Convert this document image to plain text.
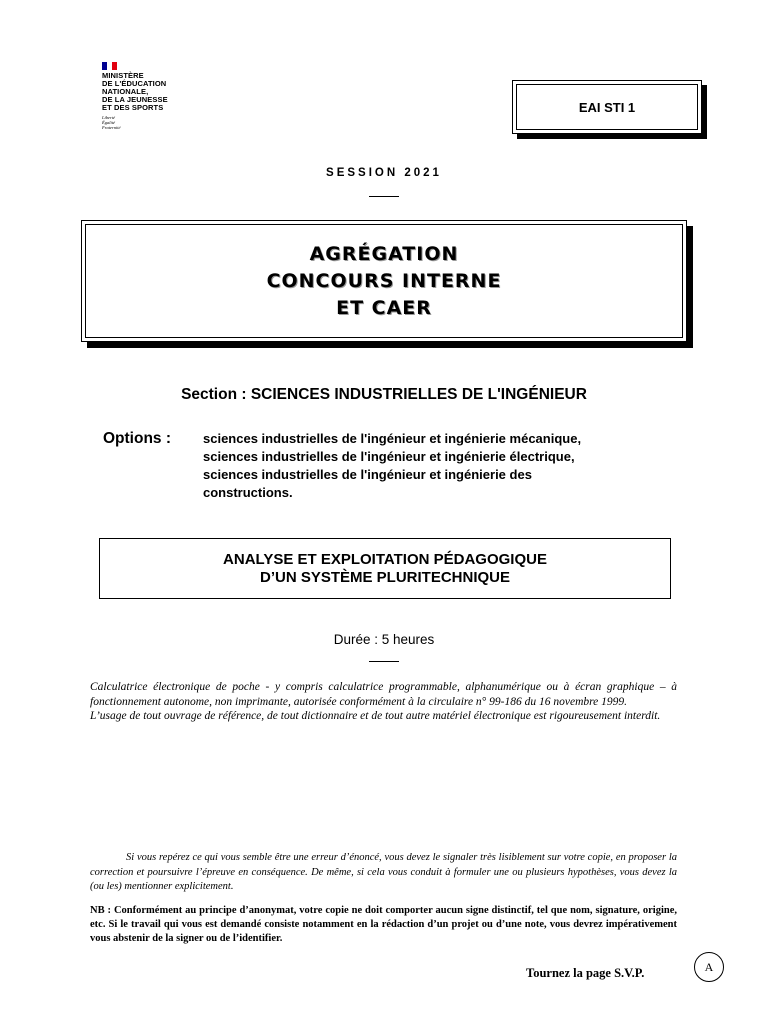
MINISTÈRE
DE L'ÉDUCATION
NATIONALE,
DE LA JEUNESSE
ET DES SPORTS
Liberté
Égalité
Fraternité
EAI STI 1
SESSION 2021
AGRÉGATION
CONCOURS INTERNE
ET CAER
Section : SCIENCES INDUSTRIELLES DE L'INGÉNIEUR
Options : sciences industrielles de l'ingénieur et ingénierie mécanique,
sciences industrielles de l'ingénieur et ingénierie électrique,
sciences industrielles de l'ingénieur et ingénierie des
constructions.
ANALYSE ET EXPLOITATION PÉDAGOGIQUE
D’UN SYSTÈME PLURITECHNIQUE
Durée : 5 heures

Calculatrice électronique de poche - y compris calculatrice programmable, alphanumérique ou à écran graphique – à fonctionnement autonome, non imprimante, autorisée conformément à la circulaire n° 99-186 du 16 novembre 1999.

L’usage de tout ouvrage de référence, de tout dictionnaire et de tout autre matériel électronique est rigoureusement interdit.

Si vous repérez ce qui vous semble être une erreur d’énoncé, vous devez le signaler très lisiblement sur votre copie, en proposer la correction et poursuivre l’épreuve en conséquence. De même, si cela vous conduit à formuler une ou plusieurs hypothèses, vous devez la (ou les) mentionner explicitement.

NB : Conformément au principe d’anonymat, votre copie ne doit comporter aucun signe distinctif, tel que nom, signature, origine, etc. Si le travail qui vous est demandé consiste notamment en la rédaction d’un projet ou d’une note, vous devrez impérativement vous abstenir de la signer ou de l’identifier.

Tournez la page S.V.P.	A
